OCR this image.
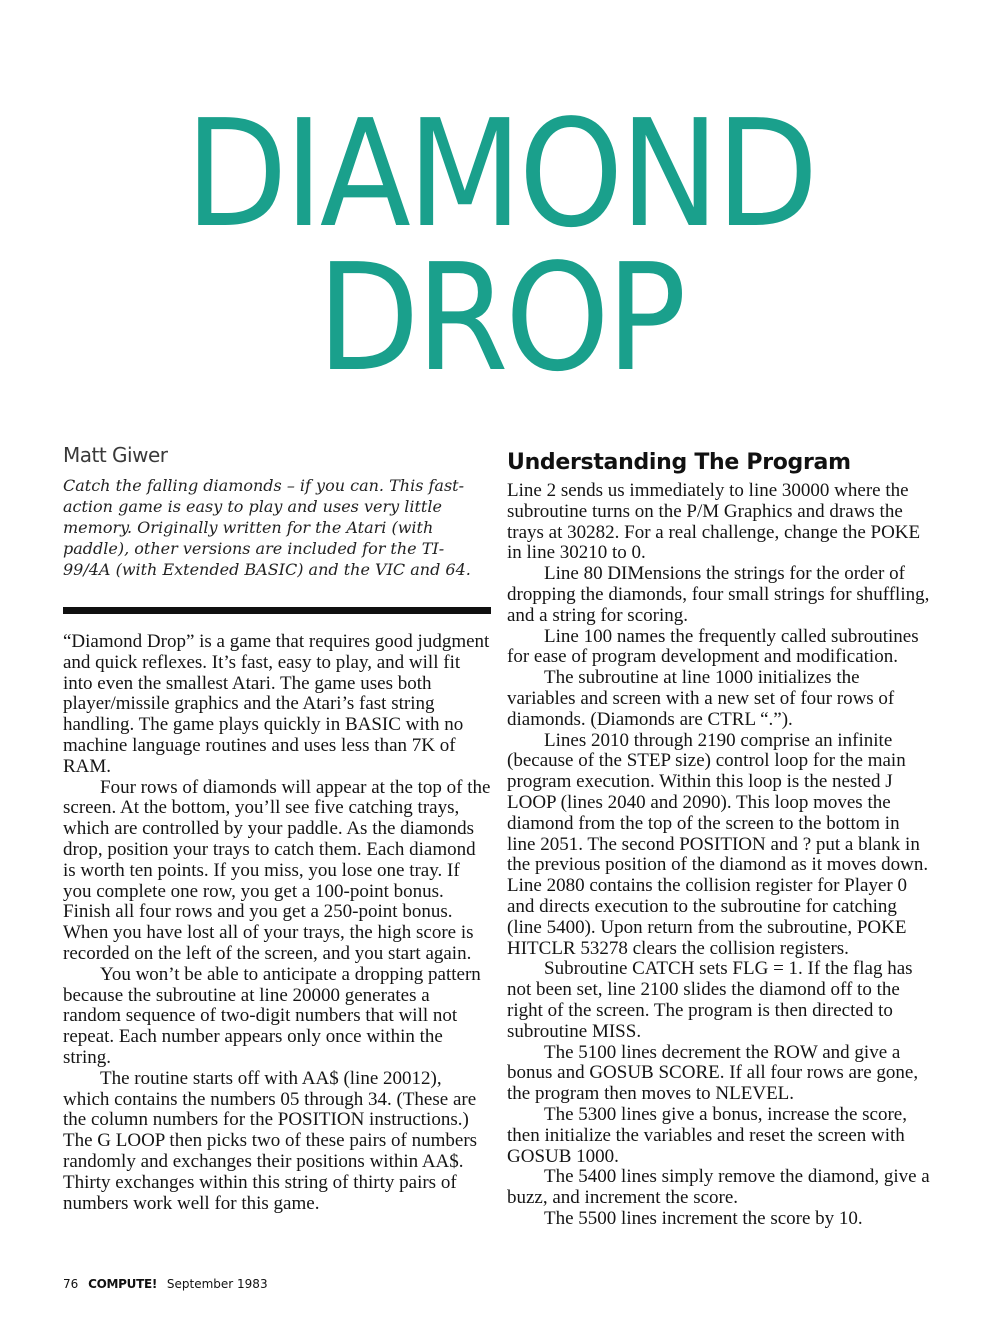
DIAMOND
DROP
Matt Giwer

Catch the falling diamonds – if you can. This fast-action game is easy to play and uses very little memory. Originally written for the Atari (with paddle), other versions are included for the TI-99/4A (with Extended BASIC) and the VIC and 64.

“Diamond Drop” is a game that requires good judgment and quick reflexes. It’s fast, easy to play, and will fit into even the smallest Atari. The game uses both player/missile graphics and the Atari’s fast string handling. The game plays quickly in BASIC with no machine language routines and uses less than 7K of RAM.

Four rows of diamonds will appear at the top of the screen. At the bottom, you’ll see five catching trays, which are controlled by your paddle. As the diamonds drop, position your trays to catch them. Each diamond is worth ten points. If you miss, you lose one tray. If you complete one row, you get a 100-point bonus. Finish all four rows and you get a 250-point bonus. When you have lost all of your trays, the high score is recorded on the left of the screen, and you start again.

You won’t be able to anticipate a dropping pattern because the subroutine at line 20000 generates a random sequence of two-digit numbers that will not repeat. Each number appears only once within the string.

The routine starts off with AA$ (line 20012), which contains the numbers 05 through 34. (These are the column numbers for the POSITION instructions.) The G LOOP then picks two of these pairs of numbers randomly and exchanges their positions within AA$. Thirty exchanges within this string of thirty pairs of numbers work well for this game.

Understanding The Program

Line 2 sends us immediately to line 30000 where the subroutine turns on the P/M Graphics and draws the trays at 30282. For a real challenge, change the POKE in line 30210 to 0.

Line 80 DIMensions the strings for the order of dropping the diamonds, four small strings for shuffling, and a string for scoring.

Line 100 names the frequently called subroutines for ease of program development and modification.

The subroutine at line 1000 initializes the variables and screen with a new set of four rows of diamonds. (Diamonds are CTRL “.”).

Lines 2010 through 2190 comprise an infinite (because of the STEP size) control loop for the main program execution. Within this loop is the nested J LOOP (lines 2040 and 2090). This loop moves the diamond from the top of the screen to the bottom in line 2051. The second POSITION and ? put a blank in the previous position of the diamond as it moves down. Line 2080 contains the collision register for Player 0 and directs execution to the subroutine for catching (line 5400). Upon return from the subroutine, POKE HITCLR 53278 clears the collision registers.

Subroutine CATCH sets FLG = 1. If the flag has not been set, line 2100 slides the diamond off to the right of the screen. The program is then directed to subroutine MISS.

The 5100 lines decrement the ROW and give a bonus and GOSUB SCORE. If all four rows are gone, the program then moves to NLEVEL.

The 5300 lines give a bonus, increase the score, then initialize the variables and reset the screen with GOSUB 1000.

The 5400 lines simply remove the diamond, give a buzz, and increment the score.

The 5500 lines increment the score by 10.

76 COMPUTE! September 1983
